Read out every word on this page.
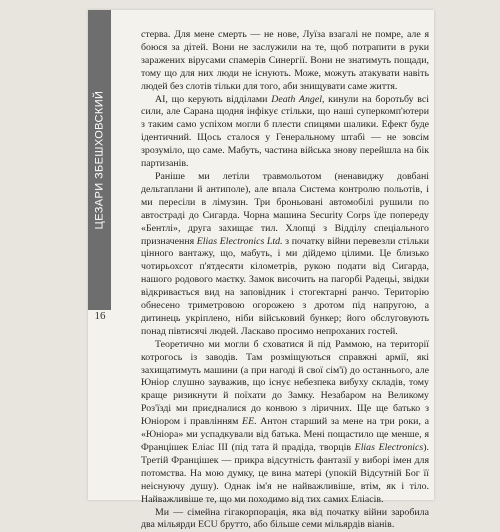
ЦЕЗАРИ ЗБЕШХОВСКИЙ
16

стерва. Для мене смерть — не нове, Луїза взагалі не помре, але я боюся за дітей. Вони не заслужили на те, щоб потрапити в руки заражених вірусами спамерів Синергії. Вони не знатимуть пощади, тому що для них люди не існують. Може, можуть атакувати навіть людей без слотів тільки для того, аби знищувати саме життя.

AI, що керують відділами Death Angel, кинули на боротьбу всі сили, але Сарана щодня інфікує стільки, що наші суперкомп'ютери з таким само успіхом могли б плести спицями шалики. Ефект буде ідентичний. Щось сталося у Генеральному штабі — не зовсім зрозуміло, що саме. Мабуть, частина війська знову перейшла на бік партизанів.

Раніше ми летіли травмольотом (ненавиджу довбані дельтаплани й антиполе), але впала Система контролю польотів, і ми пересіли в лімузин. Три броньовані автомобілі рушили по автостраді до Сигарда. Чорна машина Security Corps їде попереду «Бентлі», друга захищає тил. Хлопці з Відділу спеціального призначення Elias Electronics Ltd. з початку війни перевезли стільки цінного вантажу, що, мабуть, і ми дійдемо цілими. Це близько чотирьохсот п'ятдесяти кілометрів, рукою подати від Сигарда, нашого родового маєтку. Замок височить на пагорбі Радецьі, звідки відкривається вид на заповідник і стогектарні ранчо. Територію обнесено триметровою огорожею з дротом під напругою, а дитинець укріплено, ніби військовий бункер; його обслуговують понад півтисячі людей. Ласкаво просимо непроханих гостей.

Теоретично ми могли б сховатися й під Раммою, на території котрогось із заводів. Там розміщуються справжні армії, які захищатимуть машини (а при нагоді й свої сім'ї) до останнього, але Юніор слушно зауважив, що існує небезпека вибуху складів, тому краще ризикнути й поїхати до Замку. Незабаром на Великому Роз'їзді ми приєдналися до конвою з ліричних. Ще ще батько з Юніором і правлінням EE. Антон старший за мене на три роки, а «Юніора» ми успадкували від батька. Мені пощастило ще менше, я Францішек Еліас III (під тата й прадіда, творців Elias Electronics). Третій Францішек — прикра відсутність фантазії у виборі імен для потомства. На мою думку, це вина матері (упокій Відсутній Бог її неіснуючу душу). Однак ім'я не найважливіше, втім, як і тіло. Найважливіше те, що ми походимо від тих самих Еліасів.

Ми — сімейна гігакорпорація, яка від початку війни заробила два мільярди ECU брутто, або більше семи мільярдів віанів.
